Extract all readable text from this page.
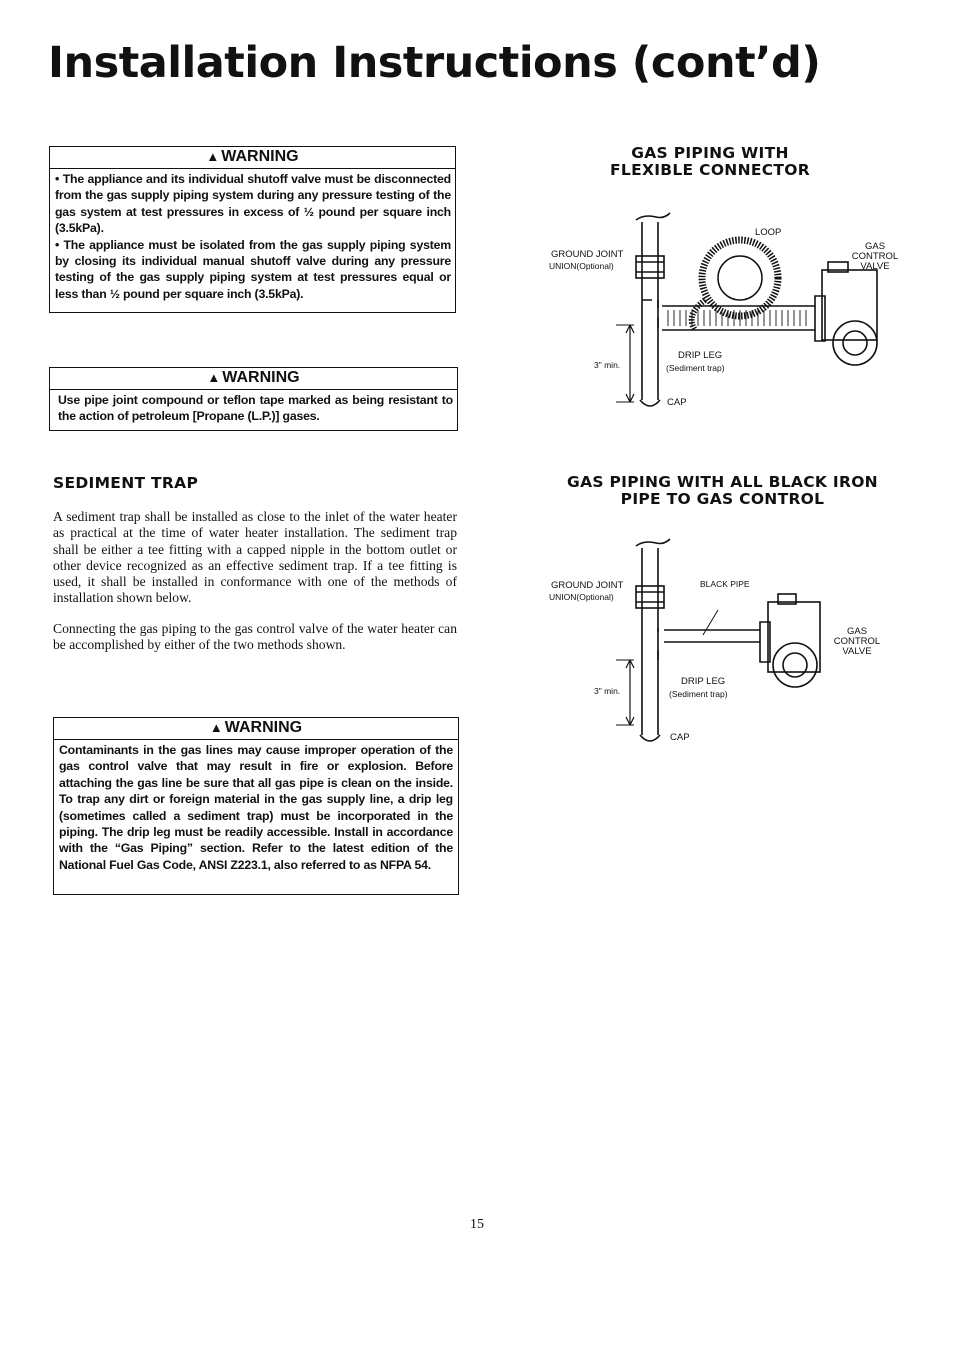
Installation Instructions (cont’d)
▲ WARNING

• The appliance and its individual shutoff valve must be disconnected from the gas supply piping system during any pressure testing of the gas system at test pressures in excess of ½ pound per square inch (3.5kPa).

• The appliance must be isolated from the gas supply piping system by closing its individual manual shutoff valve during any pressure testing of the gas supply piping system at test pressures equal or less than ½ pound per square inch (3.5kPa).

▲ WARNING

Use pipe joint compound or teflon tape marked as being resistant to the action of petroleum [Propane (L.P.)] gases.

SEDIMENT TRAP

A sediment trap shall be installed as close to the inlet of the water heater as practical at the time of water heater installation. The sediment trap shall be either a tee fitting with a capped nipple in the bottom outlet or other device recognized as an effective sediment trap. If a tee fitting is used, it shall be installed in conformance with one of the methods of installation shown below.

Connecting the gas piping to the gas control valve of the water heater can be accomplished by either of the two methods shown.

▲ WARNING

Contaminants in the gas lines may cause improper operation of the gas control valve that may result in fire or explosion. Before attaching the gas line be sure that all gas pipe is clean on the inside. To trap any dirt or foreign material in the gas supply line, a drip leg (sometimes called a sediment trap) must be incorporated in the piping. The drip leg must be readily accessible. Install in accordance with the “Gas Piping” section. Refer to the latest edition of the National Fuel Gas Code, ANSI Z223.1, also referred to as NFPA 54.

GAS PIPING WITH
FLEXIBLE CONNECTOR
GROUND JOINT
UNION(Optional)
LOOP
GAS
CONTROL
VALVE
3" min.
DRIP LEG
(Sediment trap)
CAP
GAS PIPING WITH ALL BLACK IRON
PIPE TO GAS CONTROL
GROUND JOINT
UNION(Optional)
BLACK PIPE
GAS
CONTROL
VALVE
3" min.
DRIP LEG
(Sediment trap)
CAP
15
